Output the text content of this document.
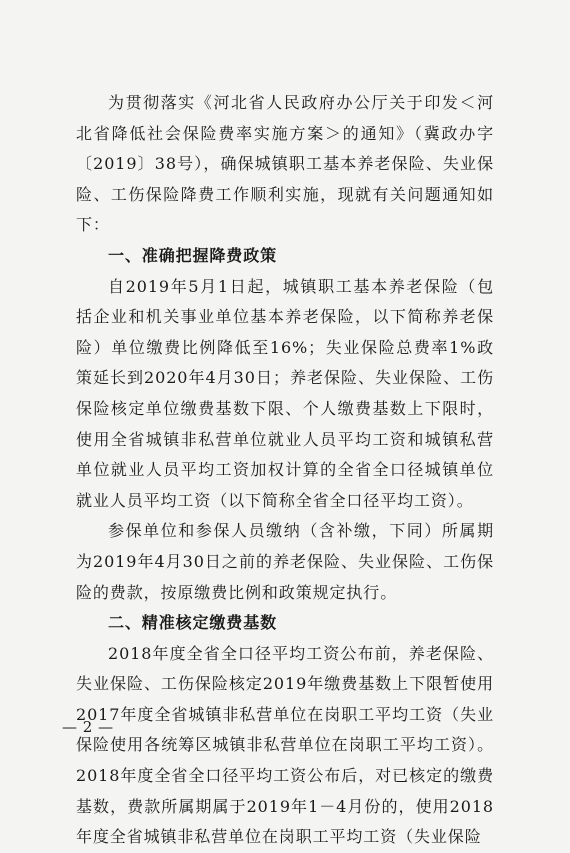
为贯彻落实《河北省人民政府办公厅关于印发＜河北省降低社会保险费率实施方案＞的通知》（冀政办字〔2019〕38号），确保城镇职工基本养老保险、失业保险、工伤保险降费工作顺利实施，现就有关问题通知如下：

一、准确把握降费政策

自2019年5月1日起，城镇职工基本养老保险（包括企业和机关事业单位基本养老保险，以下简称养老保险）单位缴费比例降低至16%；失业保险总费率1%政策延长到2020年4月30日；养老保险、失业保险、工伤保险核定单位缴费基数下限、个人缴费基数上下限时，使用全省城镇非私营单位就业人员平均工资和城镇私营单位就业人员平均工资加权计算的全省全口径城镇单位就业人员平均工资（以下简称全省全口径平均工资）。

参保单位和参保人员缴纳（含补缴，下同）所属期为2019年4月30日之前的养老保险、失业保险、工伤保险的费款，按原缴费比例和政策规定执行。

二、精准核定缴费基数

2018年度全省全口径平均工资公布前，养老保险、失业保险、工伤保险核定2019年缴费基数上下限暂使用2017年度全省城镇非私营单位在岗职工平均工资（失业保险使用各统筹区城镇非私营单位在岗职工平均工资）。2018年度全省全口径平均工资公布后，对已核定的缴费基数，费款所属期属于2019年1－4月份的，使用2018年度全省城镇非私营单位在岗职工平均工资（失业保险

— 2 —
